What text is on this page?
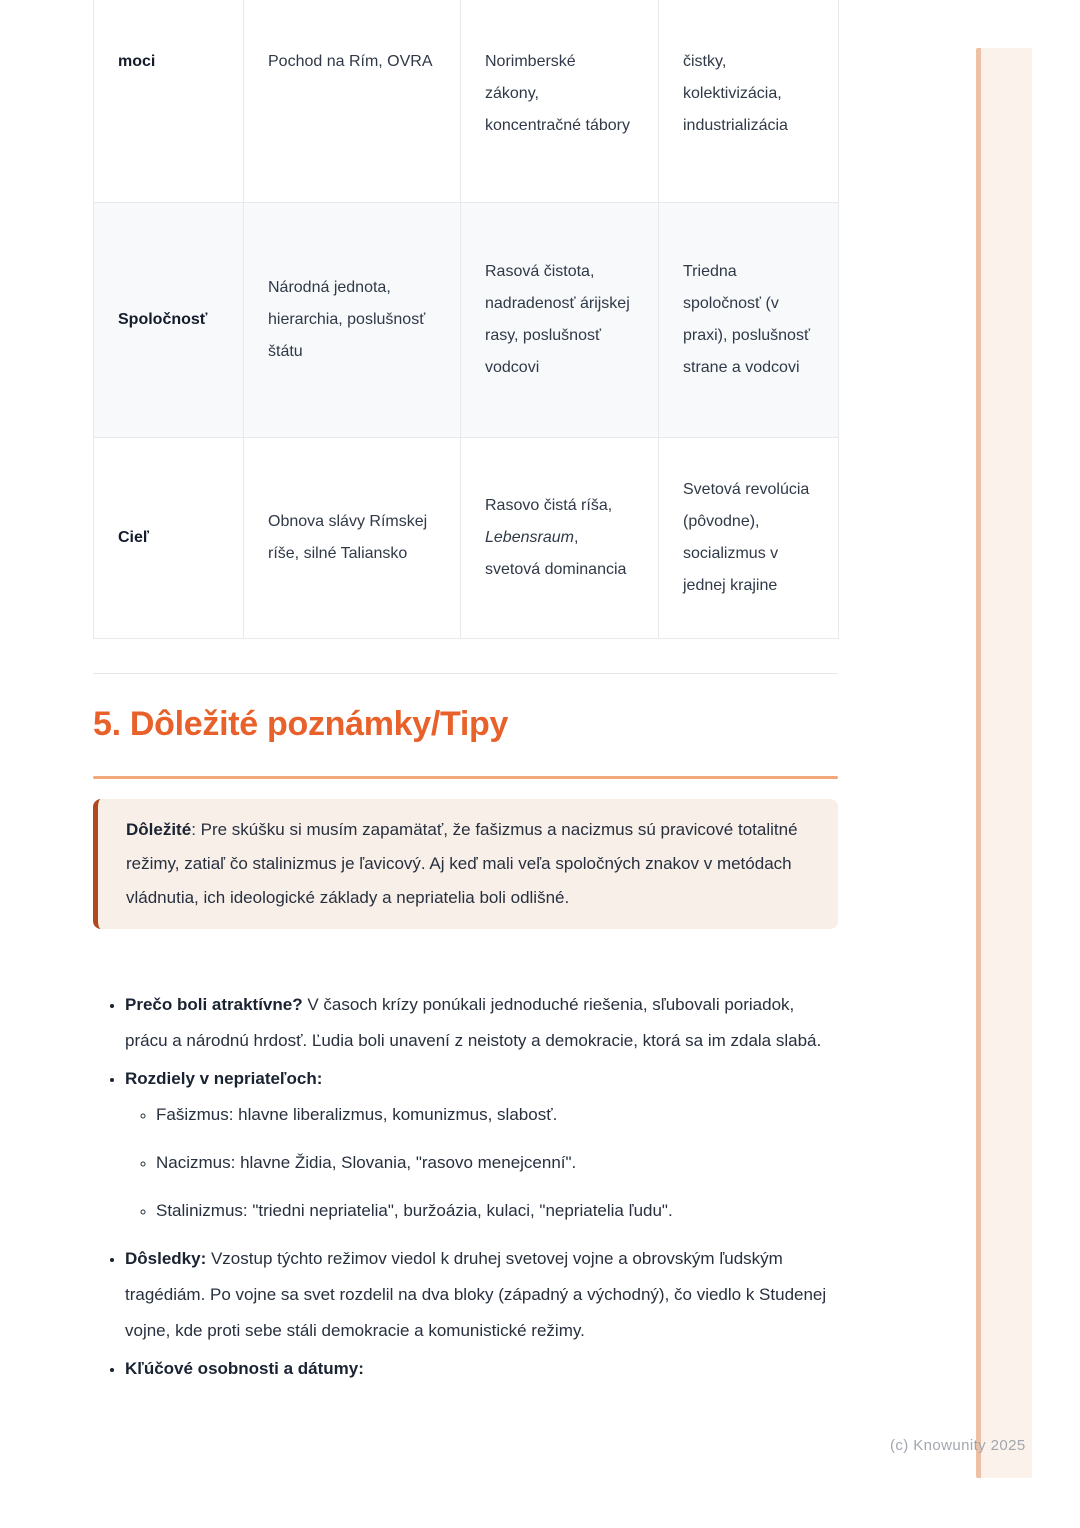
moci	Pochod na Rím, OVRA	Norimberské zákony, koncentračné tábory	čistky, kolektivizácia, industrializácia
Spoločnosť	Národná jednota, hierarchia, poslušnosť štátu	Rasová čistota, nadradenosť árijskej rasy, poslušnosť vodcovi	Triedna spoločnosť (v praxi), poslušnosť strane a vodcovi
Cieľ	Obnova slávy Rímskej ríše, silné Taliansko	Rasovo čistá ríša, Lebensraum, svetová dominancia	Svetová revolúcia (pôvodne), socializmus v jednej krajine
5. Dôležité poznámky/Tipy
Dôležité: Pre skúšku si musím zapamätať, že fašizmus a nacizmus sú pravicové totalitné režimy, zatiaľ čo stalinizmus je ľavicový. Aj keď mali veľa spoločných znakov v metódach vládnutia, ich ideologické základy a nepriatelia boli odlišné.
• Prečo boli atraktívne? V časoch krízy ponúkali jednoduché riešenia, sľubovali poriadok, prácu a národnú hrdosť. Ľudia boli unavení z neistoty a demokracie, ktorá sa im zdala slabá.
• Rozdiely v nepriateľoch:
◦ Fašizmus: hlavne liberalizmus, komunizmus, slabosť.
◦ Nacizmus: hlavne Židia, Slovania, "rasovo menejcenní".
◦ Stalinizmus: "triedni nepriatelia", buržoázia, kulaci, "nepriatelia ľudu".
• Dôsledky: Vzostup týchto režimov viedol k druhej svetovej vojne a obrovským ľudským tragédiám. Po vojne sa svet rozdelil na dva bloky (západný a východný), čo viedlo k Studenej vojne, kde proti sebe stáli demokracie a komunistické režimy.
• Kľúčové osobnosti a dátumy:
(c) Knowunity 2025
